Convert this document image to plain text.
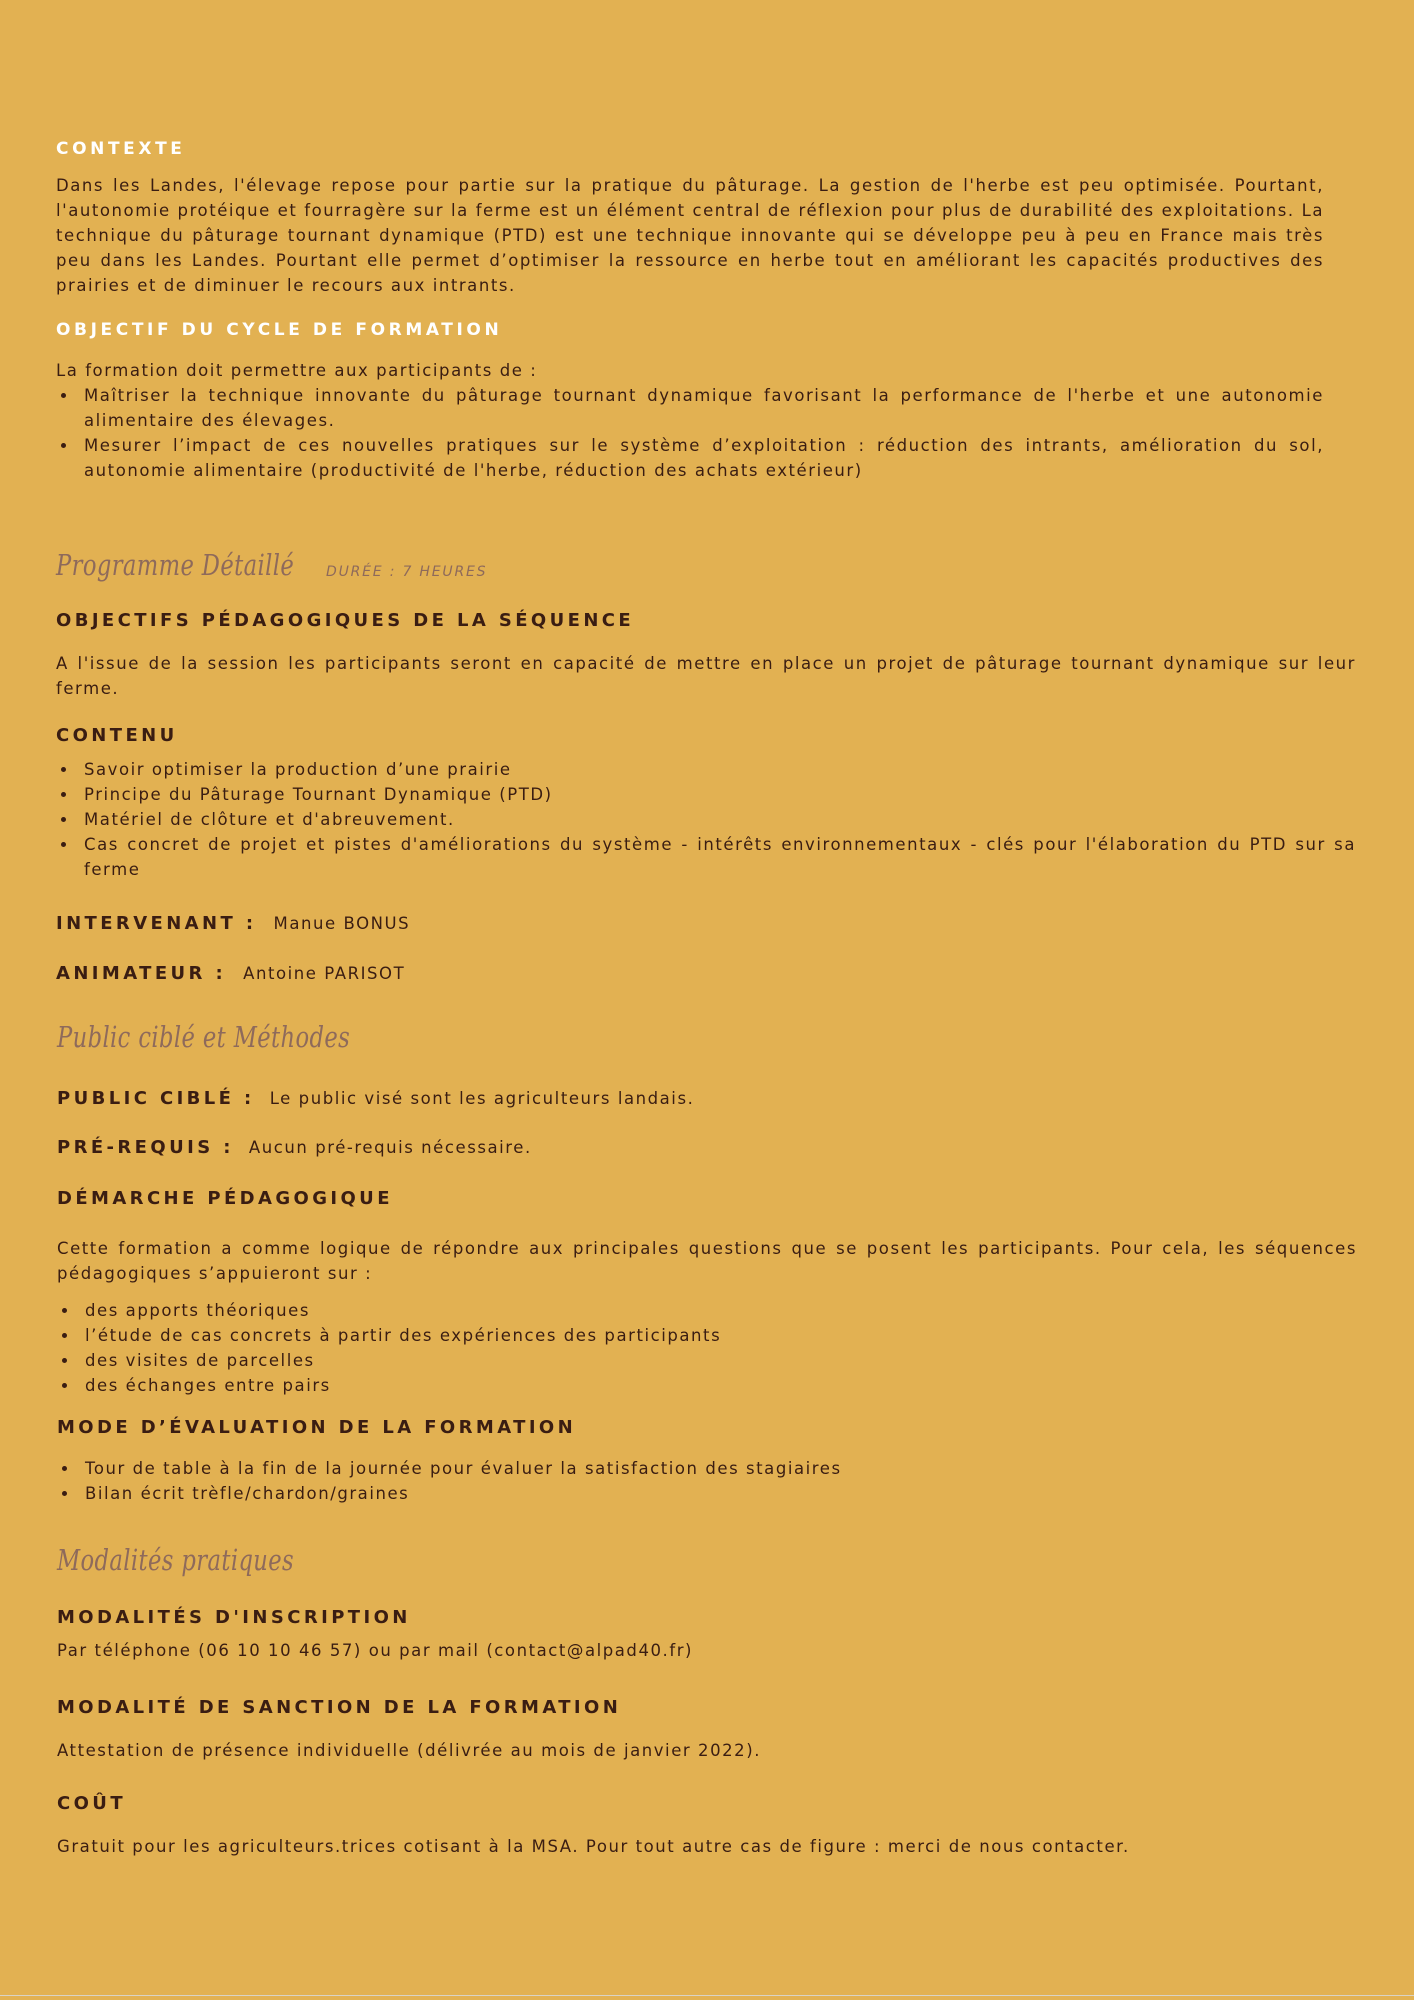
CONTEXTE

Dans les Landes, l'élevage repose pour partie sur la pratique du pâturage. La gestion de l'herbe est peu optimisée. Pourtant, l'autonomie protéique et fourragère sur la ferme est un élément central de réflexion pour plus de durabilité des exploitations. La technique du pâturage tournant dynamique (PTD) est une technique innovante qui se développe peu à peu en France mais très peu dans les Landes. Pourtant elle permet d’optimiser la ressource en herbe tout en améliorant les capacités productives des prairies et de diminuer le recours aux intrants.

OBJECTIF DU CYCLE DE FORMATION

La formation doit permettre aux participants de :

Maîtriser la technique innovante du pâturage tournant dynamique favorisant la performance de l'herbe et une autonomie alimentaire des élevages.
Mesurer l’impact de ces nouvelles pratiques sur le système d’exploitation : réduction des intrants, amélioration du sol, autonomie alimentaire (productivité de l'herbe, réduction des achats extérieur)
Programme Détaillé DURÉE : 7 HEURES
OBJECTIFS PÉDAGOGIQUES DE LA SÉQUENCE

A l'issue de la session les participants seront en capacité de mettre en place un projet de pâturage tournant dynamique sur leur ferme.

CONTENU
Savoir optimiser la production d’une prairie
Principe du Pâturage Tournant Dynamique (PTD)
Matériel de clôture et d'abreuvement.
Cas concret de projet et pistes d'améliorations du système - intérêts environnementaux - clés pour l'élaboration du PTD sur sa ferme
INTERVENANT : Manue BONUS
ANIMATEUR : Antoine PARISOT
Public ciblé et Méthodes
PUBLIC CIBLÉ : Le public visé sont les agriculteurs landais.
PRÉ-REQUIS : Aucun pré-requis nécessaire.
DÉMARCHE PÉDAGOGIQUE

Cette formation a comme logique de répondre aux principales questions que se posent les participants. Pour cela, les séquences pédagogiques s’appuieront sur :

des apports théoriques
l’étude de cas concrets à partir des expériences des participants
des visites de parcelles
des échanges entre pairs
MODE D’ÉVALUATION DE LA FORMATION
Tour de table à la fin de la journée pour évaluer la satisfaction des stagiaires
Bilan écrit trèfle/chardon/graines
Modalités pratiques
MODALITÉS D'INSCRIPTION

Par téléphone (06 10 10 46 57) ou par mail (contact@alpad40.fr)

MODALITÉ DE SANCTION DE LA FORMATION

Attestation de présence individuelle (délivrée au mois de janvier 2022).

COÛT

Gratuit pour les agriculteurs.trices cotisant à la MSA. Pour tout autre cas de figure : merci de nous contacter.
